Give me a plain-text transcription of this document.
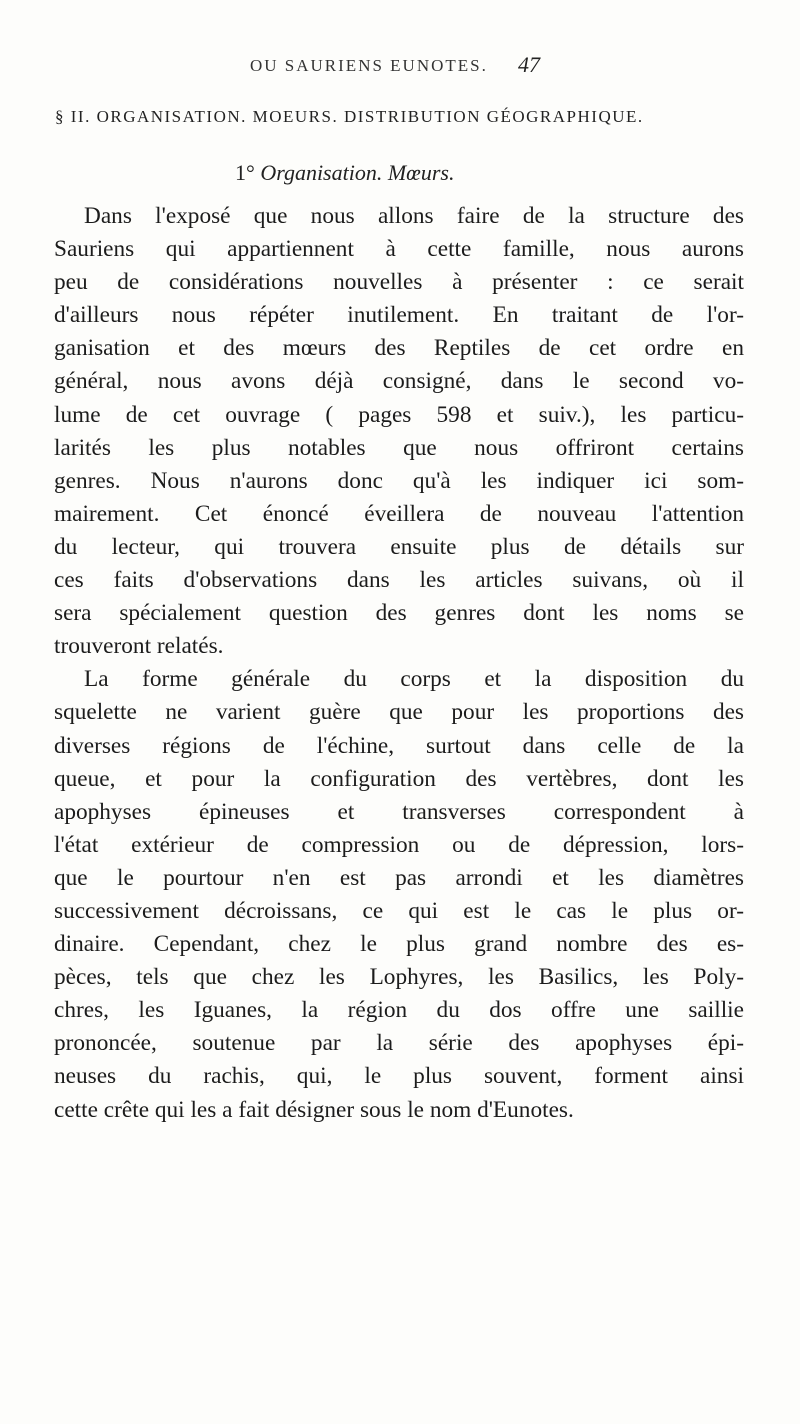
OU SAURIENS EUNOTES. 47
§ II. ORGANISATION. MOEURS. DISTRIBUTION GÉOGRAPHIQUE.
1° Organisation. Mœurs.
Dans l'exposé que nous allons faire de la structure des
Sauriens qui appartiennent à cette famille, nous aurons
peu de considérations nouvelles à présenter : ce serait
d'ailleurs nous répéter inutilement. En traitant de l'or-
ganisation et des mœurs des Reptiles de cet ordre en
général, nous avons déjà consigné, dans le second vo-
lume de cet ouvrage ( pages 598 et suiv.), les particu-
larités les plus notables que nous offriront certains
genres. Nous n'aurons donc qu'à les indiquer ici som-
mairement. Cet énoncé éveillera de nouveau l'attention
du lecteur, qui trouvera ensuite plus de détails sur
ces faits d'observations dans les articles suivans, où il
sera spécialement question des genres dont les noms se
trouveront relatés.
La forme générale du corps et la disposition du
squelette ne varient guère que pour les proportions des
diverses régions de l'échine, surtout dans celle de la
queue, et pour la configuration des vertèbres, dont les
apophyses épineuses et transverses correspondent à
l'état extérieur de compression ou de dépression, lors-
que le pourtour n'en est pas arrondi et les diamètres
successivement décroissans, ce qui est le cas le plus or-
dinaire. Cependant, chez le plus grand nombre des es-
pèces, tels que chez les Lophyres, les Basilics, les Poly-
chres, les Iguanes, la région du dos offre une saillie
prononcée, soutenue par la série des apophyses épi-
neuses du rachis, qui, le plus souvent, forment ainsi
cette crête qui les a fait désigner sous le nom d'Eunotes.
